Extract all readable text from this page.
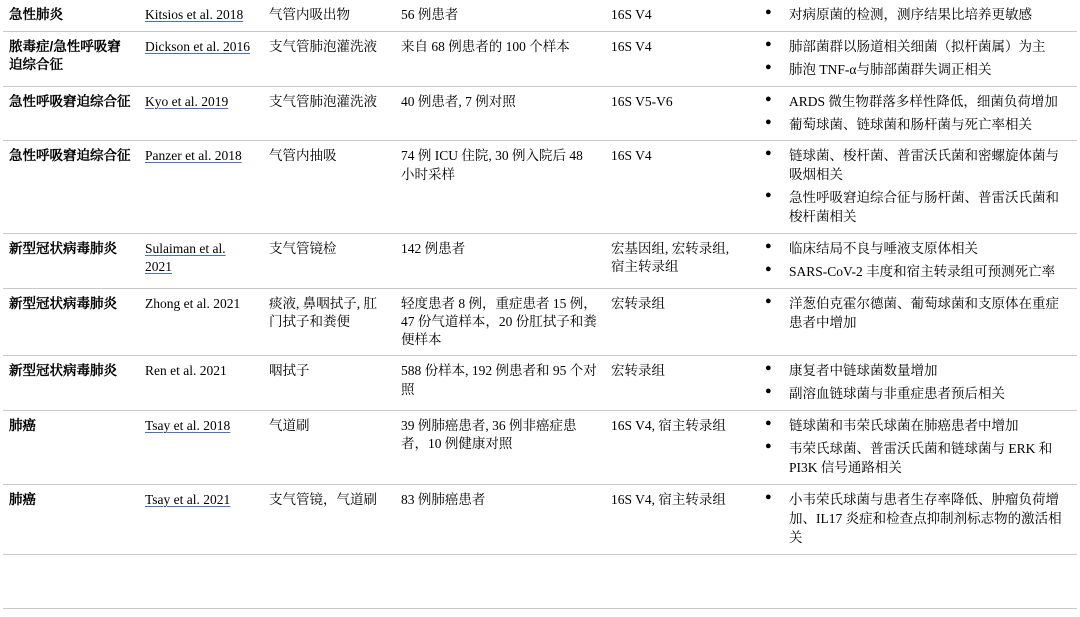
急性肺炎	Kitsios et al. 2018	气管内吸出物	56 例患者	16S V4	
●对病原菌的检测，测序结果比培养更敏感

脓毒症/急性呼吸窘迫综合征	Dickson et al. 2016	支气管肺泡灌洗液	来自 68 例患者的 100 个样本	16S V4	
●肺部菌群以肠道相关细菌（拟杆菌属）为主
● 肺泡 TNF-α与肺部菌群失调正相关

急性呼吸窘迫综合征	Kyo et al. 2019	支气管肺泡灌洗液	40 例患者, 7 例对照	16S V5-V6	
●ARDS 微生物群落多样性降低，细菌负荷增加
● 葡萄球菌、链球菌和肠杆菌与死亡率相关

急性呼吸窘迫综合征	Panzer et al. 2018	气管内抽吸	74 例 ICU 住院, 30 例入院后 48 小时采样	16S V4	
●链球菌、梭杆菌、普雷沃氏菌和密螺旋体菌与吸烟相关
● 急性呼吸窘迫综合征与肠杆菌、普雷沃氏菌和梭杆菌相关

新型冠状病毒肺炎	Sulaiman et al. 2021	支气管镜检	142 例患者	宏基因组, 宏转录组, 宿主转录组	
● 临床结局不良与唾液支原体相关
● SARS-CoV-2 丰度和宿主转录组可预测死亡率

新型冠状病毒肺炎	Zhong et al. 2021	痰液, 鼻咽拭子, 肛门拭子和粪便	轻度患者 8 例，重症患者 15 例，47 份气道样本，20 份肛拭子和粪便样本	宏转录组	
●洋葱伯克霍尔德菌、葡萄球菌和支原体在重症患者中增加

新型冠状病毒肺炎	Ren et al. 2021	咽拭子	588 份样本, 192 例患者和 95 个对照	宏转录组	
●康复者中链球菌数量增加
● 副溶血链球菌与非重症患者预后相关

肺癌	Tsay et al. 2018	气道刷	39 例肺癌患者, 36 例非癌症患者，10 例健康对照	16S V4, 宿主转录组	
●链球菌和韦荣氏球菌在肺癌患者中增加
● 韦荣氏球菌、普雷沃氏菌和链球菌与 ERK 和 PI3K 信号通路相关

肺癌	Tsay et al. 2021	支气管镜，气道刷	83 例肺癌患者	16S V4, 宿主转录组	
●小韦荣氏球菌与患者生存率降低、肿瘤负荷增加、IL17 炎症和检查点抑制剂标志物的激活相关
